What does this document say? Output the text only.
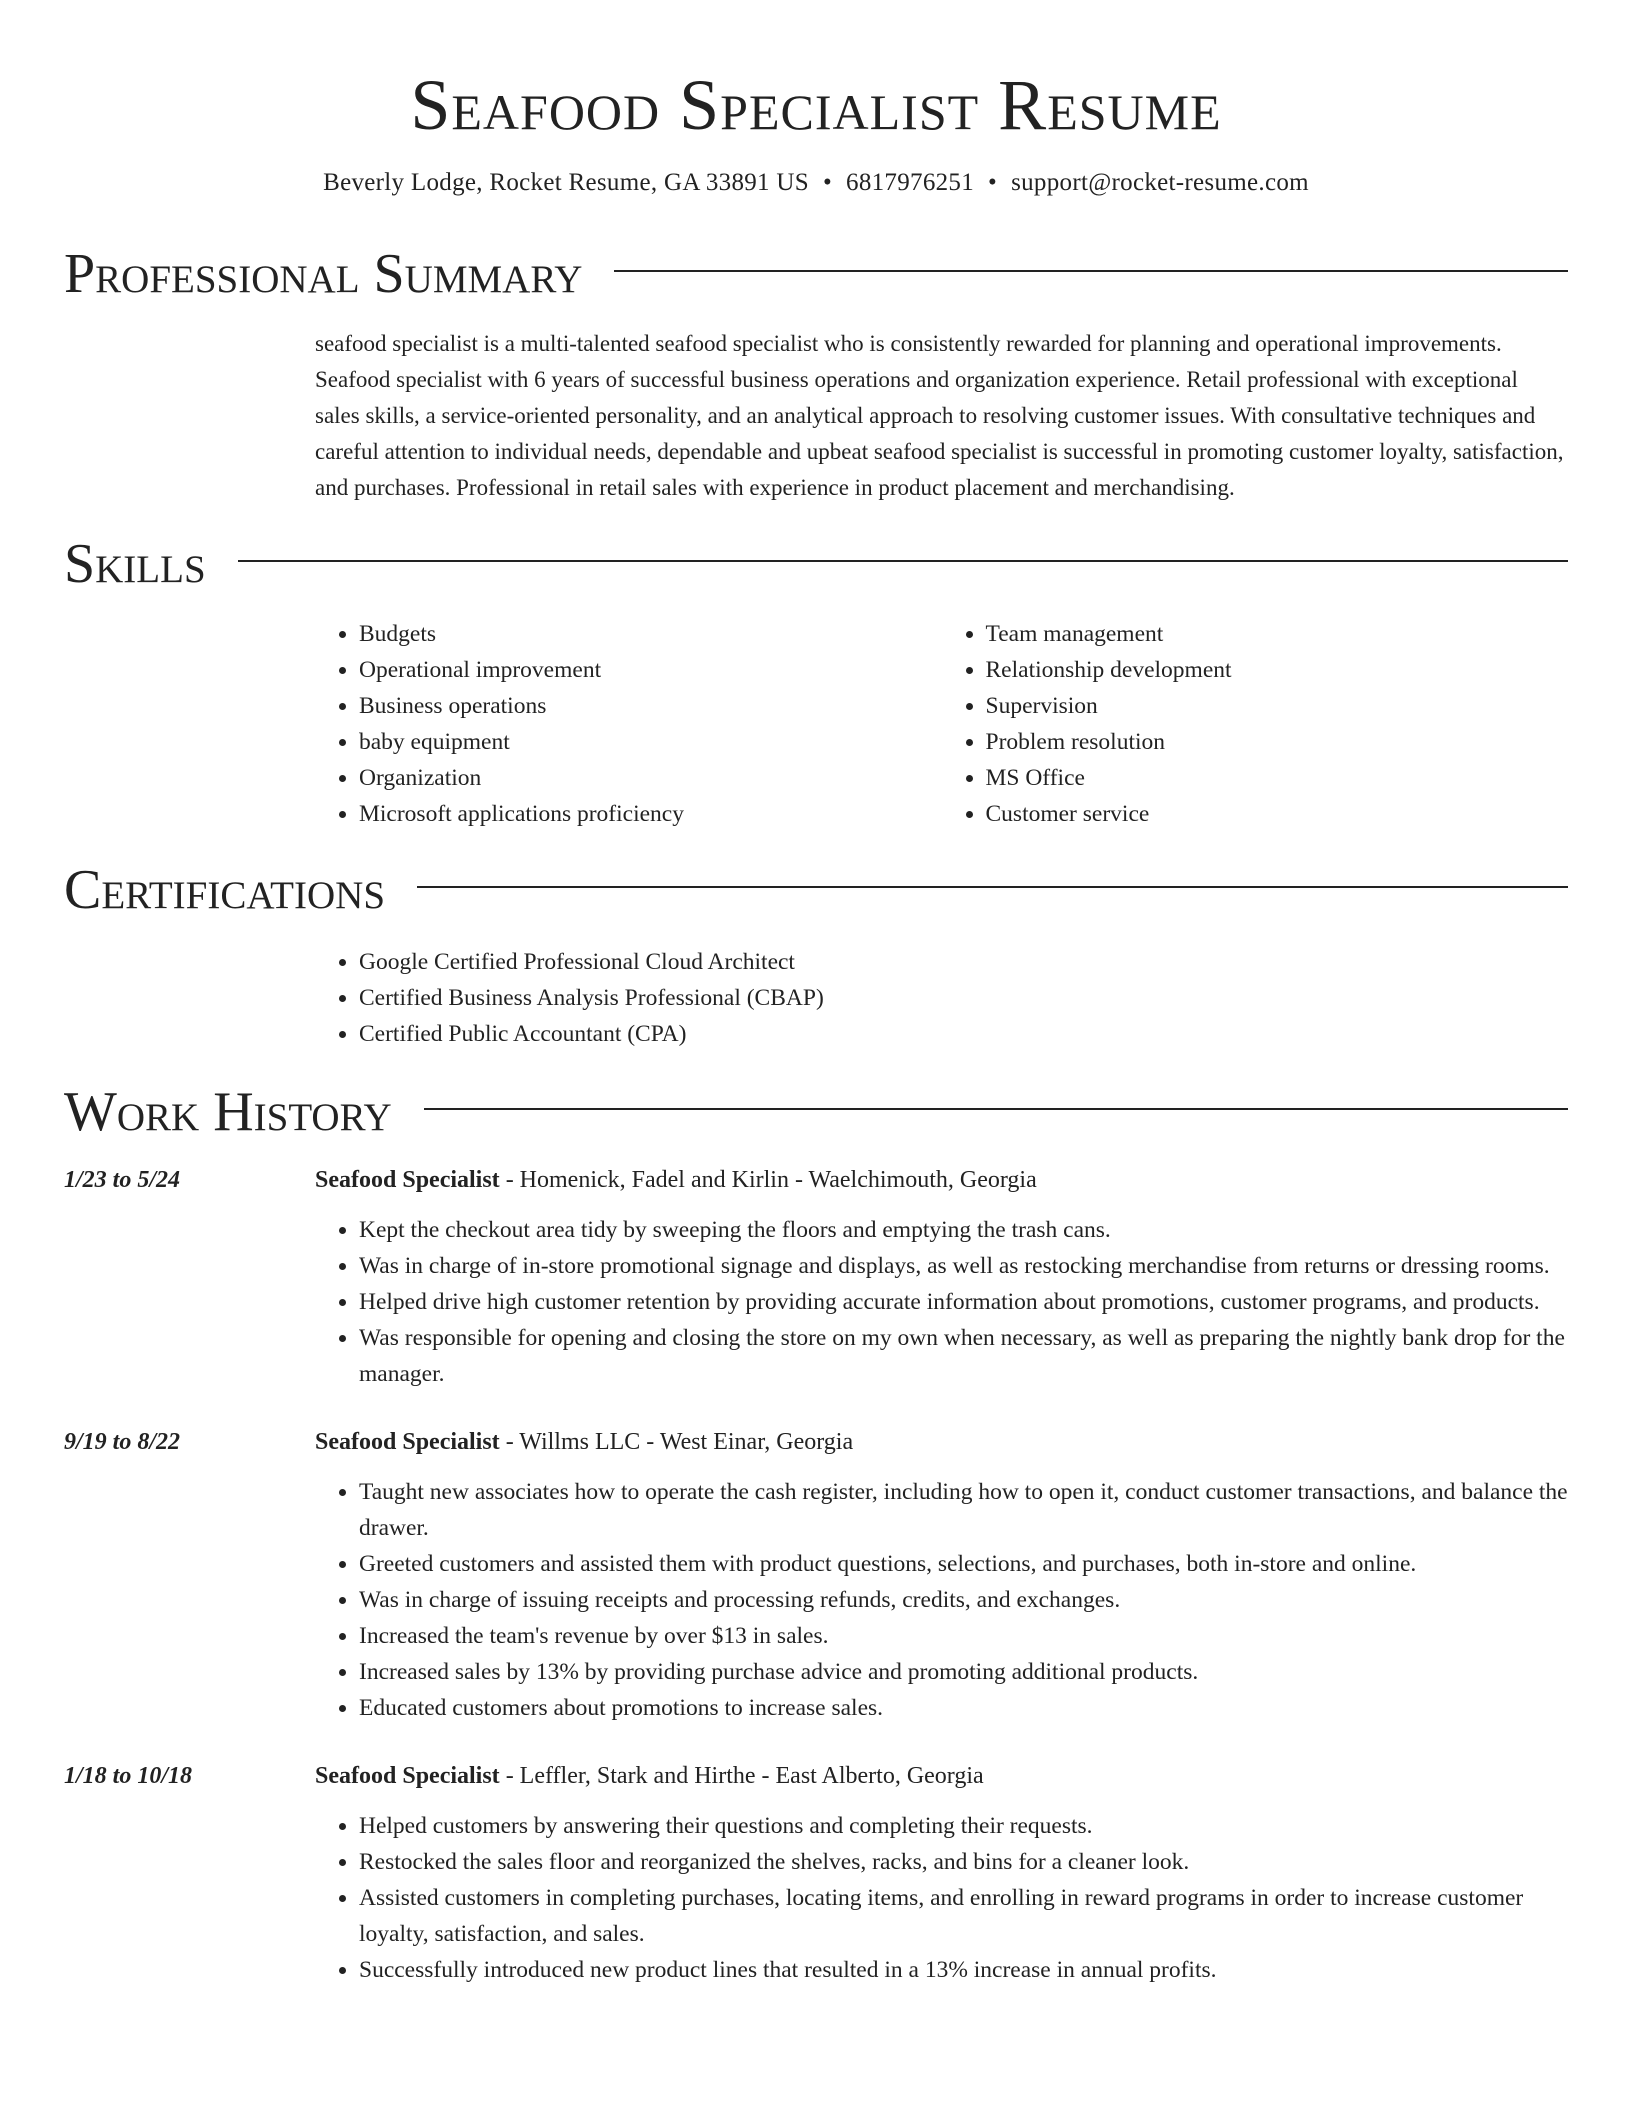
Seafood Specialist Resume
Beverly Lodge, Rocket Resume, GA 33891 US • 6817976251 • support@rocket-resume.com
Professional Summary
seafood specialist is a multi-talented seafood specialist who is consistently rewarded for planning and operational improvements. Seafood specialist with 6 years of successful business operations and organization experience. Retail professional with exceptional sales skills, a service-oriented personality, and an analytical approach to resolving customer issues. With consultative techniques and careful attention to individual needs, dependable and upbeat seafood specialist is successful in promoting customer loyalty, satisfaction, and purchases. Professional in retail sales with experience in product placement and merchandising.
Skills
• Budgets
• Operational improvement
• Business operations
• baby equipment
• Organization
• Microsoft applications proficiency
• Team management
• Relationship development
• Supervision
• Problem resolution
• MS Office
• Customer service
Certifications
• Google Certified Professional Cloud Architect
• Certified Business Analysis Professional (CBAP)
• Certified Public Accountant (CPA)
Work History
1/23 to 5/24	Seafood Specialist - Homenick, Fadel and Kirlin - Waelchimouth, Georgia
• Kept the checkout area tidy by sweeping the floors and emptying the trash cans.
• Was in charge of in-store promotional signage and displays, as well as restocking merchandise from returns or dressing rooms.
• Helped drive high customer retention by providing accurate information about promotions, customer programs, and products.
• Was responsible for opening and closing the store on my own when necessary, as well as preparing the nightly bank drop for the manager.
9/19 to 8/22	Seafood Specialist - Willms LLC - West Einar, Georgia
• Taught new associates how to operate the cash register, including how to open it, conduct customer transactions, and balance the drawer.
• Greeted customers and assisted them with product questions, selections, and purchases, both in-store and online.
• Was in charge of issuing receipts and processing refunds, credits, and exchanges.
• Increased the team's revenue by over $13 in sales.
• Increased sales by 13% by providing purchase advice and promoting additional products.
• Educated customers about promotions to increase sales.
1/18 to 10/18	Seafood Specialist - Leffler, Stark and Hirthe - East Alberto, Georgia
• Helped customers by answering their questions and completing their requests.
• Restocked the sales floor and reorganized the shelves, racks, and bins for a cleaner look.
• Assisted customers in completing purchases, locating items, and enrolling in reward programs in order to increase customer loyalty, satisfaction, and sales.
• Successfully introduced new product lines that resulted in a 13% increase in annual profits.
